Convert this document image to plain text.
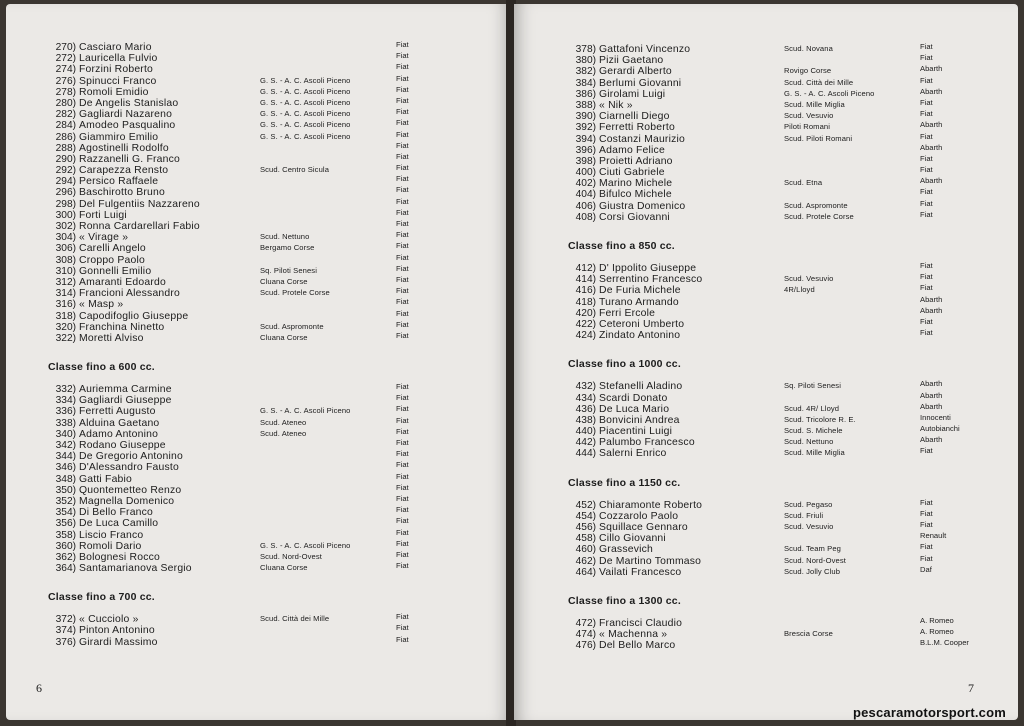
270) Casciaro Mario	Fiat
272) Lauricella Fulvio	Fiat
274) Forzini Roberto	Fiat
276) Spinucci Franco	G. S. - A. C. Ascoli Piceno	Fiat
278) Romoli Emidio	G. S. - A. C. Ascoli Piceno	Fiat
280) De Angelis Stanislao	G. S. - A. C. Ascoli Piceno	Fiat
282) Gagliardi Nazareno	G. S. - A. C. Ascoli Piceno	Fiat
284) Amodeo Pasqualino	G. S. - A. C. Ascoli Piceno	Fiat
286) Giammiro Emilio	G. S. - A. C. Ascoli Piceno	Fiat
288) Agostinelli Rodolfo	Fiat
290) Razzanelli G. Franco	Fiat
292) Carapezza Rensto	Scud. Centro Sicula	Fiat
294) Persico Raffaele	Fiat
296) Baschirotto Bruno	Fiat
298) Del Fulgentiis Nazzareno	Fiat
300) Forti Luigi	Fiat
302) Ronna Cardarellari Fabio	Fiat
304) « Virage »	Scud. Nettuno	Fiat
306) Carelli Angelo	Bergamo Corse	Fiat
308) Croppo Paolo	Fiat
310) Gonnelli Emilio	Sq. Piloti Senesi	Fiat
312) Amaranti Edoardo	Cluana Corse	Fiat
314) Francioni Alessandro	Scud. Protele Corse	Fiat
316) « Masp »	Fiat
318) Capodifoglio Giuseppe	Fiat
320) Franchina Ninetto	Scud. Aspromonte	Fiat
322) Moretti Alviso	Cluana Corse	Fiat
Classe fino a 600 cc.
332) Auriemma Carmine	Fiat
334) Gagliardi Giuseppe	Fiat
336) Ferretti Augusto	G. S. - A. C. Ascoli Piceno	Fiat
338) Alduina Gaetano	Scud. Ateneo	Fiat
340) Adamo Antonino	Scud. Ateneo	Fiat
342) Rodano Giuseppe	Fiat
344) De Gregorio Antonino	Fiat
346) D'Alessandro Fausto	Fiat
348) Gatti Fabio	Fiat
350) Quontemetteo Renzo	Fiat
352) Magnella Domenico	Fiat
354) Di Bello Franco	Fiat
356) De Luca Camillo	Fiat
358) Liscio Franco	Fiat
360) Romoli Dario	G. S. - A. C. Ascoli Piceno	Fiat
362) Bolognesi Rocco	Scud. Nord-Ovest	Fiat
364) Santamarianova Sergio	Cluana Corse	Fiat
Classe fino a 700 cc.
372) « Cucciolo »	Scud. Città dei Mille	Fiat
374) Pinton Antonino	Fiat
376) Girardi Massimo	Fiat
6
378) Gattafoni Vincenzo	Scud. Novana	Fiat
380) Pizii Gaetano	Fiat
382) Gerardi Alberto	Rovigo Corse	Abarth
384) Berlumi Giovanni	Scud. Città dei Mille	Fiat
386) Girolami Luigi	G. S. - A. C. Ascoli Piceno	Abarth
388) « Nik »	Scud. Mille Miglia	Fiat
390) Ciarnelli Diego	Scud. Vesuvio	Fiat
392) Ferretti Roberto	Piloti Romani	Abarth
394) Costanzi Maurizio	Scud. Piloti Romani	Fiat
396) Adamo Felice	Abarth
398) Proietti Adriano	Fiat
400) Ciuti Gabriele	Fiat
402) Marino Michele	Scud. Etna	Abarth
404) Bifulco Michele	Fiat
406) Giustra Domenico	Scud. Aspromonte	Fiat
408) Corsi Giovanni	Scud. Protele Corse	Fiat
Classe fino a 850 cc.
412) D' Ippolito Giuseppe	Fiat
414) Serrentino Francesco	Scud. Vesuvio	Fiat
416) De Furia Michele	4R/Lloyd	Fiat
418) Turano Armando	Abarth
420) Ferri Ercole	Abarth
422) Ceteroni Umberto	Fiat
424) Zindato Antonino	Fiat
Classe fino a 1000 cc.
432) Stefanelli Aladino	Sq. Piloti Senesi	Abarth
434) Scardi Donato	Abarth
436) De Luca Mario	Scud. 4R/ Lloyd	Abarth
438) Bonvicini Andrea	Scud. Tricolore R. E.	Innocenti
440) Piacentini Luigi	Scud. S. Michele	Autobianchi
442) Palumbo Francesco	Scud. Nettuno	Abarth
444) Salerni Enrico	Scud. Mille Miglia	Fiat
Classe fino a 1150 cc.
452) Chiaramonte Roberto	Scud. Pegaso	Fiat
454) Cozzarolo Paolo	Scud. Friuli	Fiat
456) Squillace Gennaro	Scud. Vesuvio	Fiat
458) Cillo Giovanni	Renault
460) Grassevich	Scud. Team Peg	Fiat
462) De Martino Tommaso	Scud. Nord-Ovest	Fiat
464) Vailati Francesco	Scud. Jolly Club	Daf
Classe fino a 1300 cc.
472) Francisci Claudio	A. Romeo
474) « Machenna »	Brescia Corse	A. Romeo
476) Del Bello Marco	B.L.M. Cooper
7
pescaramotorsport.com
